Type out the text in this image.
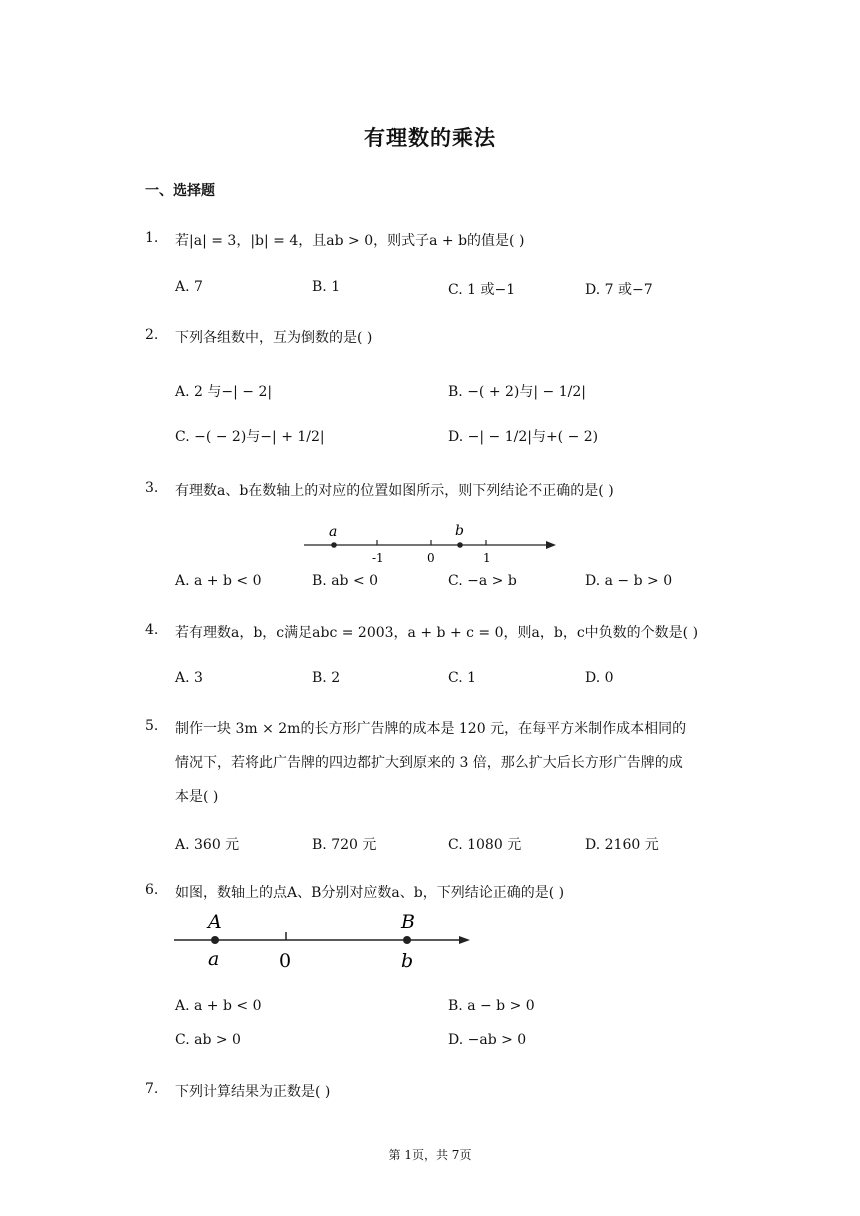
有理数的乘法
一、选择题
1. 若|a| = 3，|b| = 4，且ab > 0，则式子a + b的值是( )
A. 7	B. 1	C. 1 或−1	D. 7 或−7
2. 下列各组数中，互为倒数的是( )
A. 2 与−| − 2|	B. −( + 2)与| − 1/2|
C. −( − 2)与−| + 1/2|	D. −| − 1/2|与+( − 2)
3. 有理数a、b在数轴上的对应的位置如图所示，则下列结论不正确的是( )
a	b
-1	0	1
A. a + b < 0	B. ab < 0	C. −a > b	D. a − b > 0
4. 若有理数a，b，c满足abc = 2003，a + b + c = 0，则a，b，c中负数的个数是( )
A. 3	B. 2	C. 1	D. 0
5. 制作一块 3m × 2m的长方形广告牌的成本是 120 元，在每平方米制作成本相同的
情况下，若将此广告牌的四边都扩大到原来的 3 倍，那么扩大后长方形广告牌的成
本是( )
A. 360 元	B. 720 元	C. 1080 元	D. 2160 元
6. 如图，数轴上的点A、B分别对应数a、b，下列结论正确的是( )
A	B
a	0	b
A. a + b < 0	B. a − b > 0
C. ab > 0	D. −ab > 0
7. 下列计算结果为正数是( )
第 1页，共 7页
